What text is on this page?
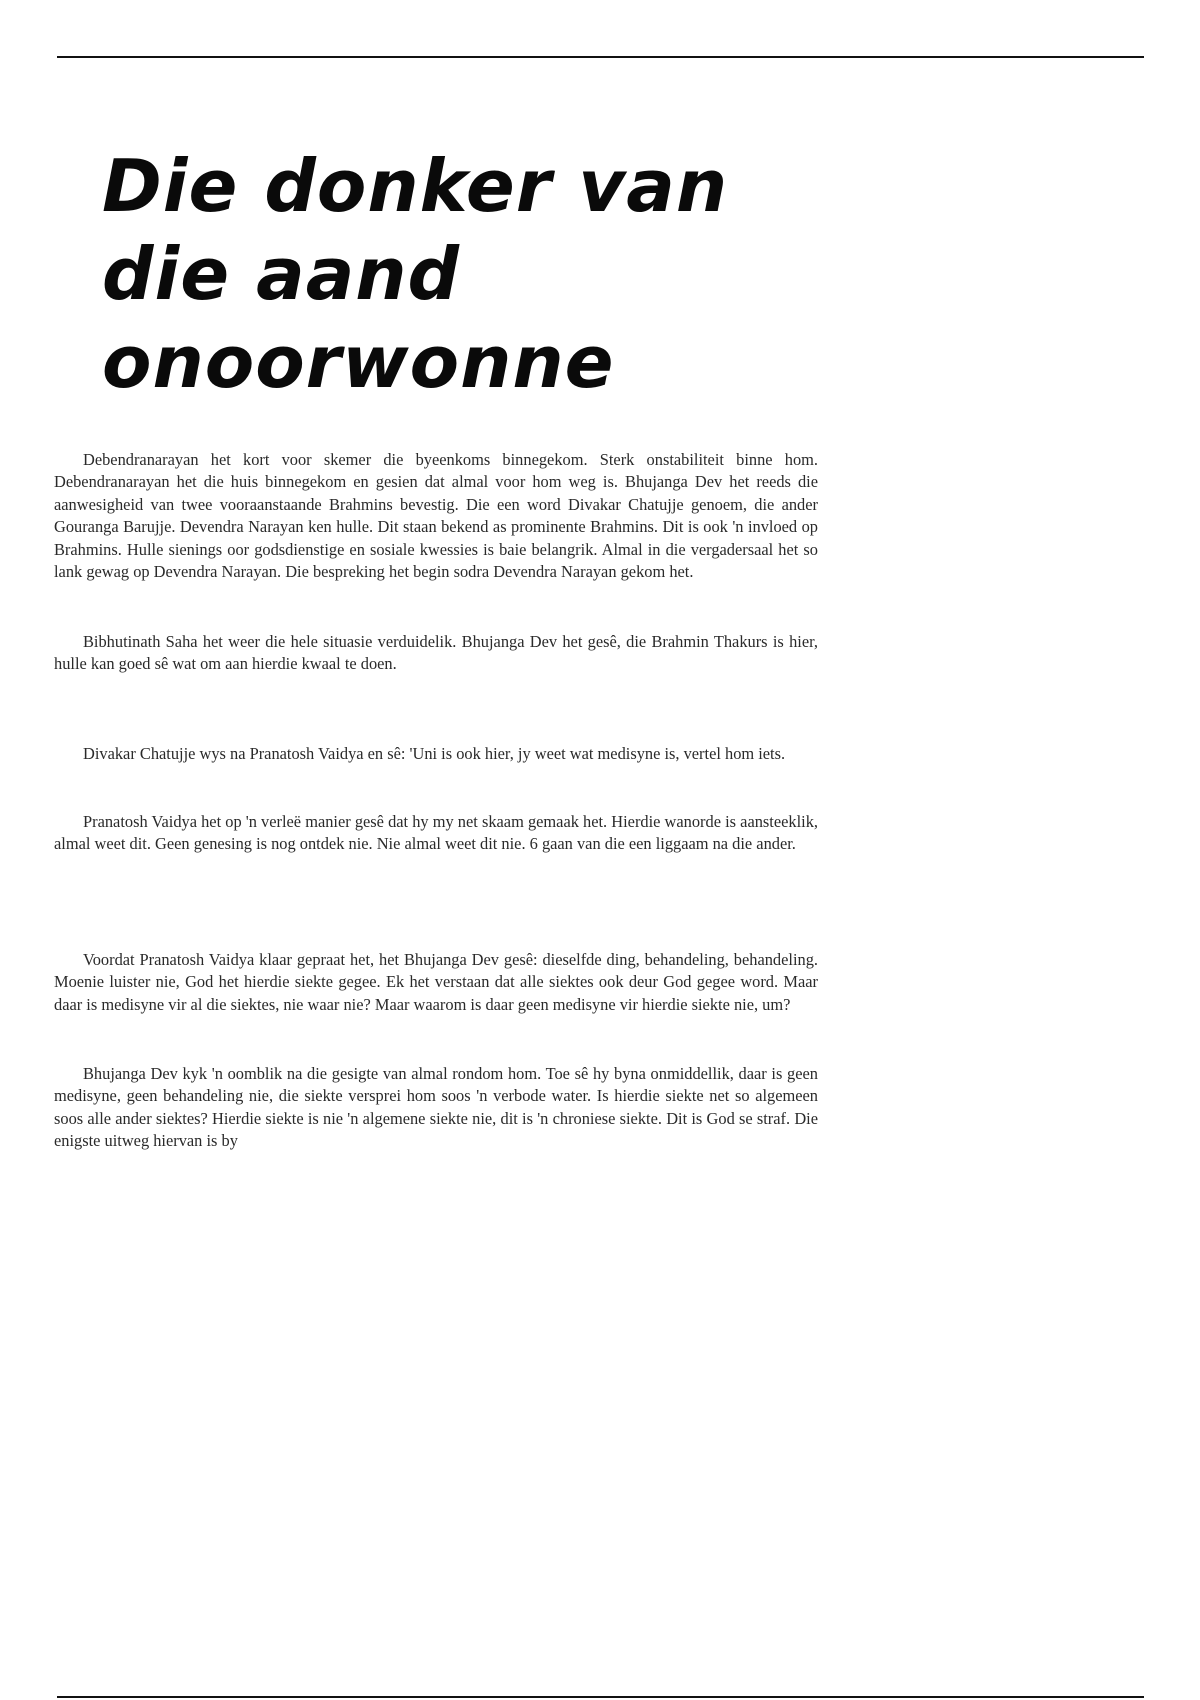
Die donker van die aand onoorwonne

Debendranarayan het kort voor skemer die byeenkoms binnegekom. Sterk onstabiliteit binne hom. Debendranarayan het die huis binnegekom en gesien dat almal voor hom weg is. Bhujanga Dev het reeds die aanwesigheid van twee vooraanstaande Brahmins bevestig. Die een word Divakar Chatujje genoem, die ander Gouranga Barujje. Devendra Narayan ken hulle. Dit staan bekend as prominente Brahmins. Dit is ook 'n invloed op Brahmins. Hulle sienings oor godsdienstige en sosiale kwessies is baie belangrik. Almal in die vergadersaal het so lank gewag op Devendra Narayan. Die bespreking het begin sodra Devendra Narayan gekom het.

Bibhutinath Saha het weer die hele situasie verduidelik. Bhujanga Dev het gesê, die Brahmin Thakurs is hier, hulle kan goed sê wat om aan hierdie kwaal te doen.

Divakar Chatujje wys na Pranatosh Vaidya en sê: 'Uni is ook hier, jy weet wat medisyne is, vertel hom iets.

Pranatosh Vaidya het op 'n verleë manier gesê dat hy my net skaam gemaak het. Hierdie wanorde is aansteeklik, almal weet dit. Geen genesing is nog ontdek nie. Nie almal weet dit nie. 6 gaan van die een liggaam na die ander.

Voordat Pranatosh Vaidya klaar gepraat het, het Bhujanga Dev gesê: dieselfde ding, behandeling, behandeling. Moenie luister nie, God het hierdie siekte gegee. Ek het verstaan dat alle siektes ook deur God gegee word. Maar daar is medisyne vir al die siektes, nie waar nie? Maar waarom is daar geen medisyne vir hierdie siekte nie, um?

Bhujanga Dev kyk 'n oomblik na die gesigte van almal rondom hom. Toe sê hy byna onmiddellik, daar is geen medisyne, geen behandeling nie, die siekte versprei hom soos 'n verbode water. Is hierdie siekte net so algemeen soos alle ander siektes? Hierdie siekte is nie 'n algemene siekte nie, dit is 'n chroniese siekte. Dit is God se straf. Die enigste uitweg hiervan is by
